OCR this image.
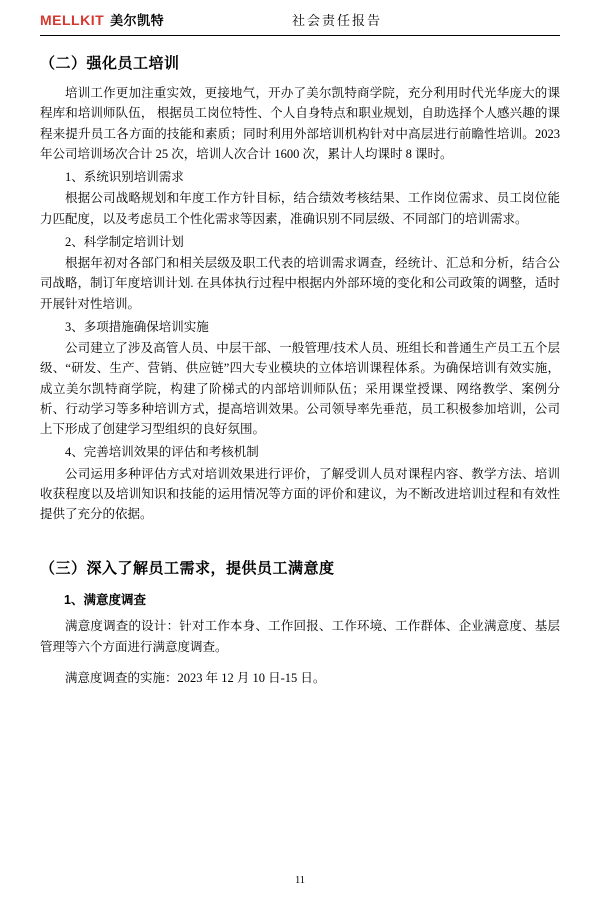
MELLKIT 美尔凯特	社会责任报告
（二）强化员工培训

培训工作更加注重实效，更接地气，开办了美尔凯特商学院，充分利用时代光华庞大的课程库和培训师队伍， 根据员工岗位特性、个人自身特点和职业规划，自助选择个人感兴趣的课程来提升员工各方面的技能和素质；同时利用外部培训机构针对中高层进行前瞻性培训。2023 年公司培训场次合计 25 次，培训人次合计 1600 次，累计人均课时 8 课时。

1、系统识别培训需求

根据公司战略规划和年度工作方针目标，结合绩效考核结果、工作岗位需求、员工岗位能力匹配度，以及考虑员工个性化需求等因素，准确识别不同层级、不同部门的培训需求。

2、科学制定培训计划

根据年初对各部门和相关层级及职工代表的培训需求调查，经统计、汇总和分析，结合公司战略，制订年度培训计划. 在具体执行过程中根据内外部环境的变化和公司政策的调整，适时开展针对性培训。

3、多项措施确保培训实施

公司建立了涉及高管人员、中层干部、一般管理/技术人员、班组长和普通生产员工五个层级、“研发、生产、营销、供应链”四大专业模块的立体培训课程体系。为确保培训有效实施，成立美尔凯特商学院，构建了阶梯式的内部培训师队伍；采用课堂授课、网络教学、案例分析、行动学习等多种培训方式，提高培训效果。公司领导率先垂范，员工积极参加培训，公司上下形成了创建学习型组织的良好氛围。

4、完善培训效果的评估和考核机制

公司运用多种评估方式对培训效果进行评价，了解受训人员对课程内容、教学方法、培训收获程度以及培训知识和技能的运用情况等方面的评价和建议，为不断改进培训过程和有效性提供了充分的依据。

（三）深入了解员工需求，提供员工满意度
1、满意度调查

满意度调查的设计：针对工作本身、工作回报、工作环境、工作群体、企业满意度、基层管理等六个方面进行满意度调查。

满意度调查的实施：2023 年 12 月 10 日-15 日。

11
